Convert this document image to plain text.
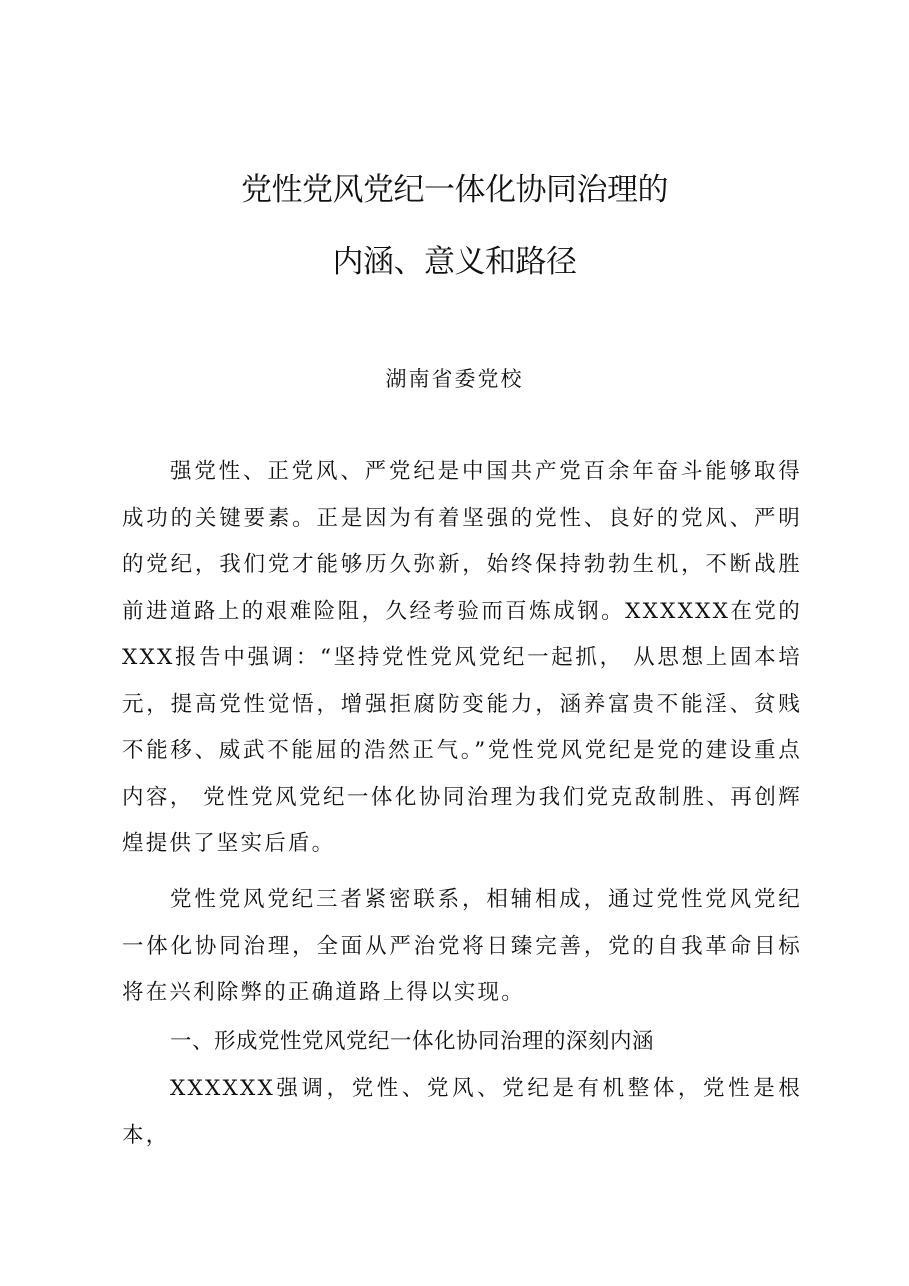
党性党风党纪一体化协同治理的
内涵、意义和路径
湖南省委党校

强党性、正党风、严党纪是中国共产党百余年奋斗能够取得成功的关键要素。正是因为有着坚强的党性、良好的党风、严明的党纪，我们党才能够历久弥新，始终保持勃勃生机，不断战胜前进道路上的艰难险阻，久经考验而百炼成钢。XXXXXX在党的XXX报告中强调：“坚持党性党风党纪一起抓， 从思想上固本培元，提高党性觉悟，增强拒腐防变能力，涵养富贵不能淫、贫贱不能移、威武不能屈的浩然正气。”党性党风党纪是党的建设重点内容， 党性党风党纪一体化协同治理为我们党克敌制胜、再创辉煌提供了坚实后盾。

党性党风党纪三者紧密联系，相辅相成，通过党性党风党纪一体化协同治理，全面从严治党将日臻完善，党的自我革命目标将在兴利除弊的正确道路上得以实现。

一、形成党性党风党纪一体化协同治理的深刻内涵

XXXXXX强调，党性、党风、党纪是有机整体，党性是根本，
